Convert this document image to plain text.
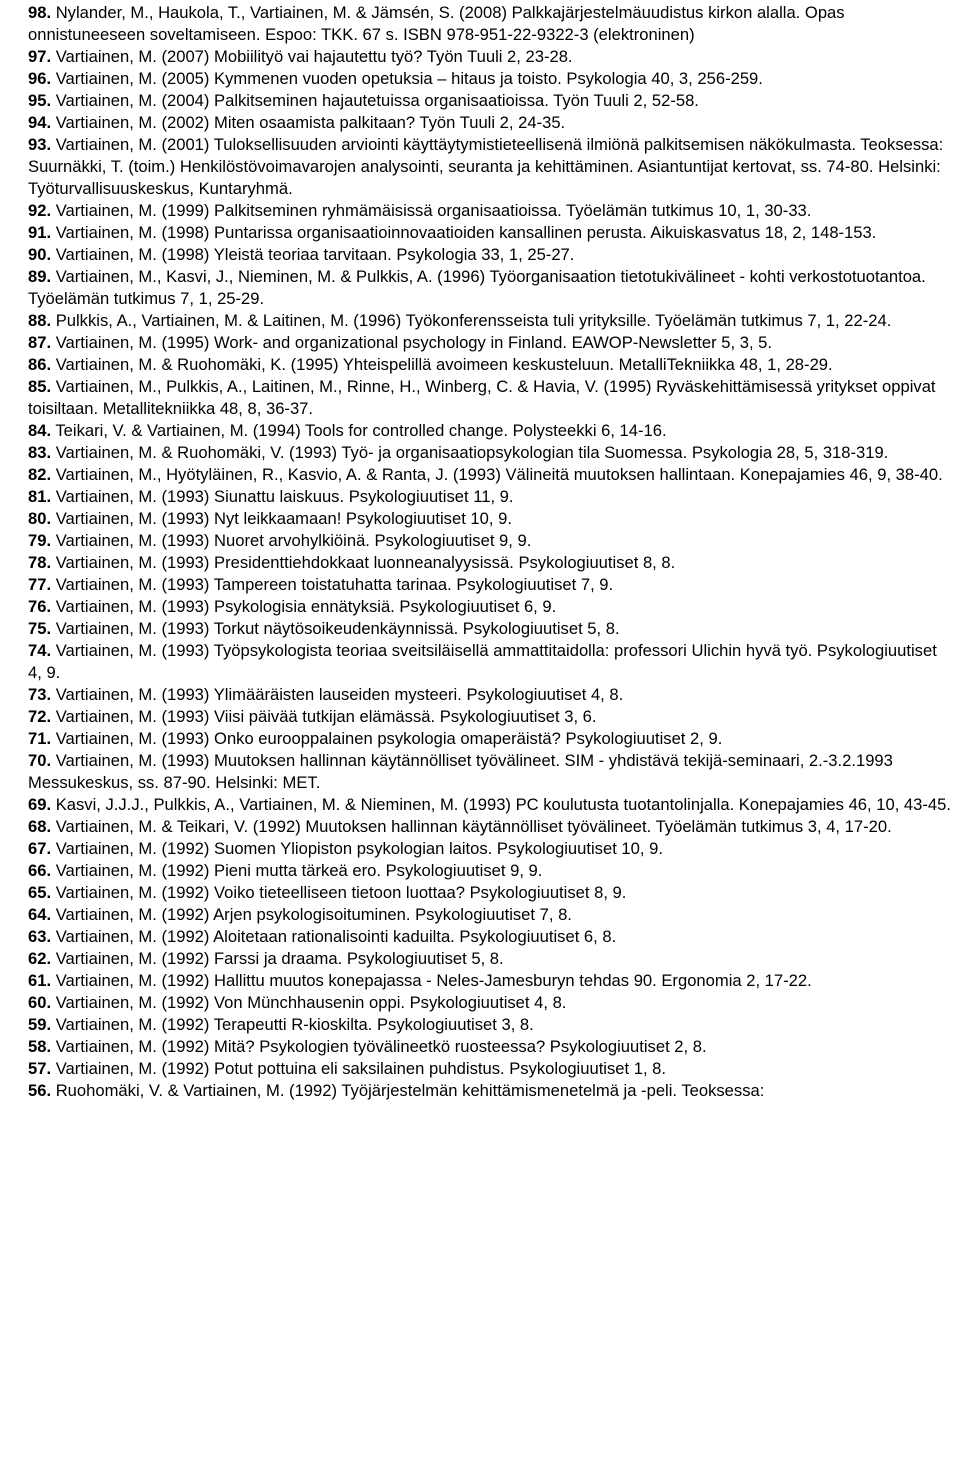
98. Nylander, M., Haukola, T., Vartiainen, M. & Jämsén, S. (2008) Palkkajärjestelmäuudistus kirkon alalla. Opas onnistuneeseen soveltamiseen. Espoo: TKK. 67 s. ISBN 978-951-22-9322-3 (elektroninen)
97. Vartiainen, M. (2007) Mobiilityö vai hajautettu työ? Työn Tuuli 2, 23-28.
96. Vartiainen, M. (2005) Kymmenen vuoden opetuksia – hitaus ja toisto. Psykologia 40, 3, 256-259.
95. Vartiainen, M. (2004) Palkitseminen hajautetuissa organisaatioissa. Työn Tuuli 2, 52-58.
94. Vartiainen, M. (2002) Miten osaamista palkitaan? Työn Tuuli 2, 24-35.
93. Vartiainen, M. (2001) Tuloksellisuuden arviointi käyttäytymistieteellisenä ilmiönä palkitsemisen näkökulmasta. Teoksessa: Suurnäkki, T. (toim.) Henkilöstövoimavarojen analysointi, seuranta ja kehittäminen. Asiantuntijat kertovat, ss. 74-80. Helsinki: Työturvallisuuskeskus, Kuntaryhmä.
92. Vartiainen, M. (1999) Palkitseminen ryhmämäisissä organisaatioissa. Työelämän tutkimus 10, 1, 30-33.
91. Vartiainen, M. (1998) Puntarissa organisaatioinnovaatioiden kansallinen perusta. Aikuiskasvatus 18, 2, 148-153.
90. Vartiainen, M. (1998) Yleistä teoriaa tarvitaan. Psykologia 33, 1, 25-27.
89. Vartiainen, M., Kasvi, J., Nieminen, M. & Pulkkis, A. (1996) Työorganisaation tietotukivälineet - kohti verkostotuotantoa. Työelämän tutkimus 7, 1, 25-29.
88. Pulkkis, A., Vartiainen, M. & Laitinen, M. (1996) Työkonferensseista tuli yrityksille. Työelämän tutkimus 7, 1, 22-24.
87. Vartiainen, M. (1995) Work- and organizational psychology in Finland. EAWOP-Newsletter 5, 3, 5.
86. Vartiainen, M. & Ruohomäki, K. (1995) Yhteispelillä avoimeen keskusteluun. MetalliTekniikka 48, 1, 28-29.
85. Vartiainen, M., Pulkkis, A., Laitinen, M., Rinne, H., Winberg, C. & Havia, V. (1995) Ryväskehittämisessä yritykset oppivat toisiltaan. Metallitekniikka 48, 8, 36-37.
84. Teikari, V. & Vartiainen, M. (1994) Tools for controlled change. Polysteekki 6, 14-16.
83. Vartiainen, M. & Ruohomäki, V. (1993) Työ- ja organisaatiopsykologian tila Suomessa. Psykologia 28, 5, 318-319.
82. Vartiainen, M., Hyötyläinen, R., Kasvio, A. & Ranta, J. (1993) Välineitä muutoksen hallintaan. Konepajamies 46, 9, 38-40.
81. Vartiainen, M. (1993) Siunattu laiskuus. Psykologiuutiset 11, 9.
80. Vartiainen, M. (1993) Nyt leikkaamaan! Psykologiuutiset 10, 9.
79. Vartiainen, M. (1993) Nuoret arvohylkiöinä. Psykologiuutiset 9, 9.
78. Vartiainen, M. (1993) Presidenttiehdokkaat luonneanalyysissä. Psykologiuutiset 8, 8.
77. Vartiainen, M. (1993) Tampereen toistatuhatta tarinaa. Psykologiuutiset 7, 9.
76. Vartiainen, M. (1993) Psykologisia ennätyksiä. Psykologiuutiset 6, 9.
75. Vartiainen, M. (1993) Torkut näytösoikeudenkäynnissä. Psykologiuutiset 5, 8.
74. Vartiainen, M. (1993) Työpsykologista teoriaa sveitsiläisellä ammattitaidolla: professori Ulichin hyvä työ. Psykologiuutiset 4, 9.
73. Vartiainen, M. (1993) Ylimääräisten lauseiden mysteeri. Psykologiuutiset 4, 8.
72. Vartiainen, M. (1993) Viisi päivää tutkijan elämässä. Psykologiuutiset 3, 6.
71. Vartiainen, M. (1993) Onko eurooppalainen psykologia omaperäistä? Psykologiuutiset 2, 9.
70. Vartiainen, M. (1993) Muutoksen hallinnan käytännölliset työvälineet. SIM - yhdistävä tekijä-seminaari, 2.-3.2.1993 Messukeskus, ss. 87-90. Helsinki: MET.
69. Kasvi, J.J.J., Pulkkis, A., Vartiainen, M. & Nieminen, M. (1993) PC koulutusta tuotantolinjalla. Konepajamies 46, 10, 43-45.
68. Vartiainen, M. & Teikari, V. (1992) Muutoksen hallinnan käytännölliset työvälineet. Työelämän tutkimus 3, 4, 17-20.
67. Vartiainen, M. (1992) Suomen Yliopiston psykologian laitos. Psykologiuutiset 10, 9.
66. Vartiainen, M. (1992) Pieni mutta tärkeä ero. Psykologiuutiset 9, 9.
65. Vartiainen, M. (1992) Voiko tieteelliseen tietoon luottaa? Psykologiuutiset 8, 9.
64. Vartiainen, M. (1992) Arjen psykologisoituminen. Psykologiuutiset 7, 8.
63. Vartiainen, M. (1992) Aloitetaan rationalisointi kaduilta. Psykologiuutiset 6, 8.
62. Vartiainen, M. (1992) Farssi ja draama. Psykologiuutiset 5, 8.
61. Vartiainen, M. (1992) Hallittu muutos konepajassa - Neles-Jamesburyn tehdas 90. Ergonomia 2, 17-22.
60. Vartiainen, M. (1992) Von Münchhausenin oppi. Psykologiuutiset 4, 8.
59. Vartiainen, M. (1992) Terapeutti R-kioskilta. Psykologiuutiset 3, 8.
58. Vartiainen, M. (1992) Mitä? Psykologien työvälineetkö ruosteessa? Psykologiuutiset 2, 8.
57. Vartiainen, M. (1992) Potut pottuina eli saksilainen puhdistus. Psykologiuutiset 1, 8.
56. Ruohomäki, V. & Vartiainen, M. (1992) Työjärjestelmän kehittämismenetelmä ja -peli. Teoksessa:
